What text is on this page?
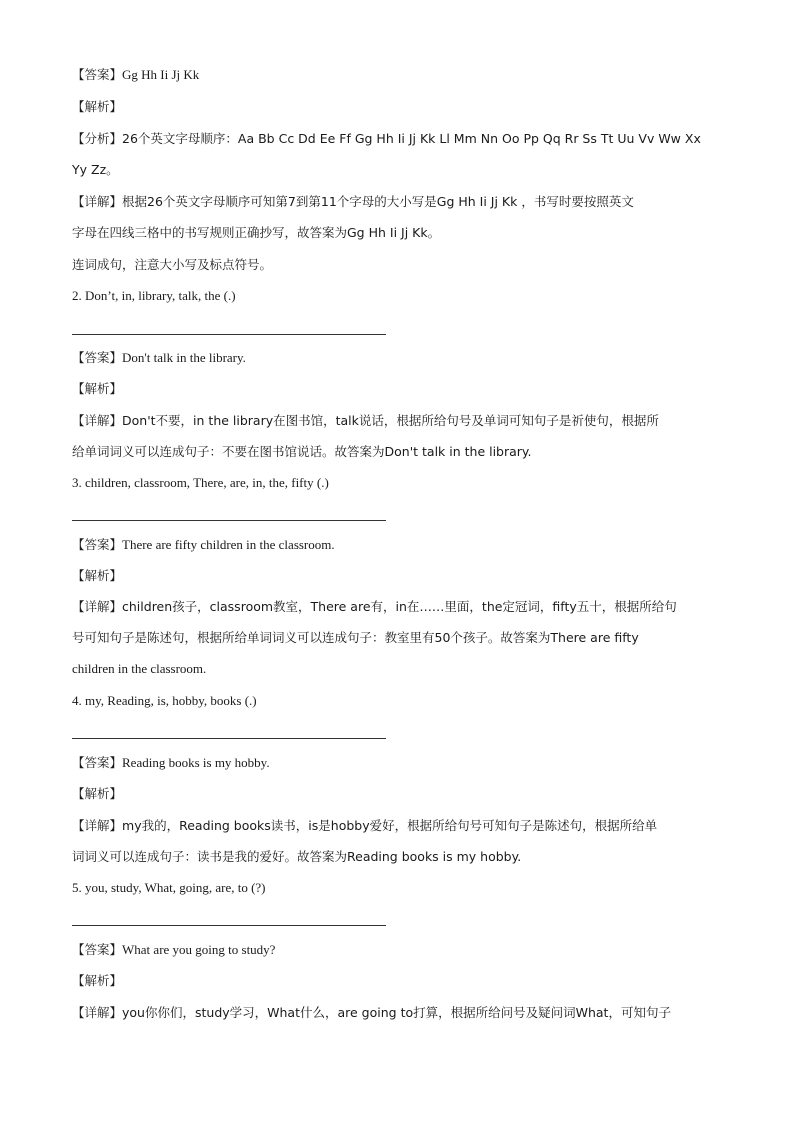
【答案】Gg Hh Ii Jj Kk
【解析】
【分析】26个英文字母顺序：Aa Bb Cc Dd Ee Ff Gg Hh Ii Jj Kk Ll Mm Nn Oo Pp Qq Rr Ss Tt Uu Vv Ww Xx
Yy Zz。
【详解】根据26个英文字母顺序可知第7到第11个字母的大小写是Gg Hh Ii Jj Kk ，书写时要按照英文
字母在四线三格中的书写规则正确抄写，故答案为Gg Hh Ii Jj Kk。
连词成句，注意大小写及标点符号。
2. Don’t, in, library, talk, the (.)
【答案】Don't talk in the library.
【解析】
【详解】Don't不要，in the library在图书馆，talk说话，根据所给句号及单词可知句子是祈使句，根据所
给单词词义可以连成句子：不要在图书馆说话。故答案为Don't talk in the library.
3. children, classroom, There, are, in, the, fifty (.)
【答案】There are fifty children in the classroom.
【解析】
【详解】children孩子，classroom教室，There are有，in在……里面，the定冠词，fifty五十，根据所给句
号可知句子是陈述句，根据所给单词词义可以连成句子：教室里有50个孩子。故答案为There are fifty
children in the classroom.
4. my, Reading, is, hobby, books (.)
【答案】Reading books is my hobby.
【解析】
【详解】my我的，Reading books读书，is是hobby爱好，根据所给句号可知句子是陈述句，根据所给单
词词义可以连成句子：读书是我的爱好。故答案为Reading books is my hobby.
5. you, study, What, going, are, to (?)
【答案】What are you going to study?
【解析】
【详解】you你你们，study学习，What什么，are going to打算，根据所给问号及疑问词What，可知句子
